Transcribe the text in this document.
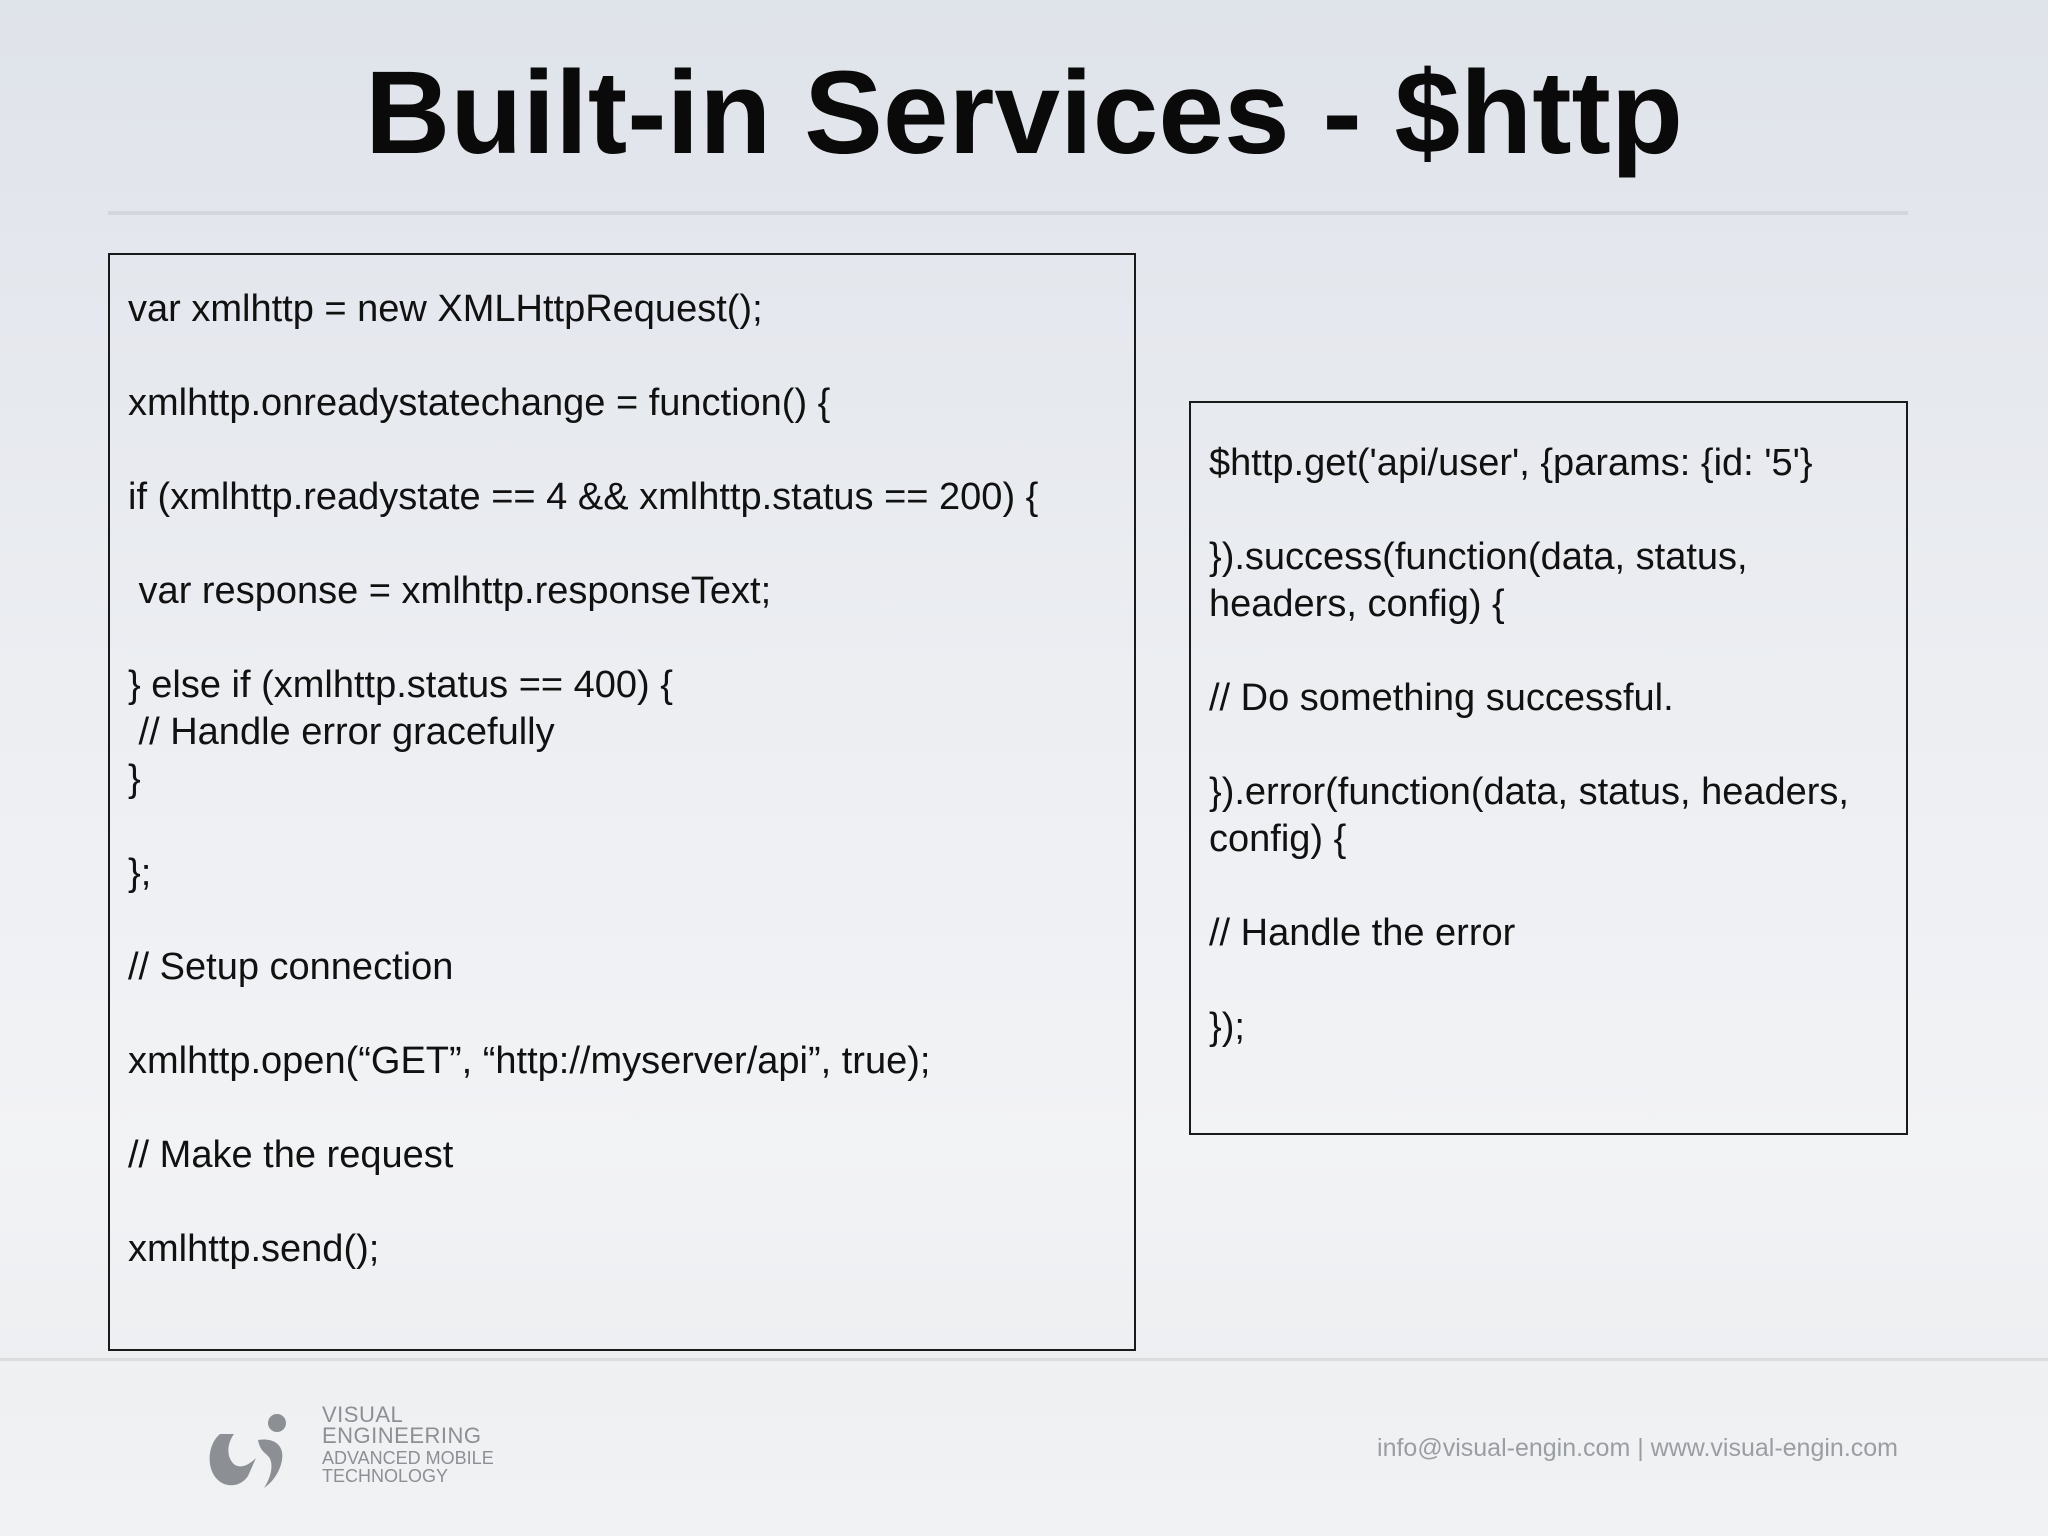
Built-in Services - $http

var xmlhttp = new XMLHttpRequest();

xmlhttp.onreadystatechange = function() {

if (xmlhttp.readystate == 4 && xmlhttp.status == 200) {

var response = xmlhttp.responseText;

} else if (xmlhttp.status == 400) {

// Handle error gracefully

}

};

// Setup connection

xmlhttp.open(“GET”, “http://myserver/api”, true);

// Make the request

xmlhttp.send();

$http.get('api/user', {params: {id: '5'}

}).success(function(data, status,

headers, config) {

// Do something successful.

}).error(function(data, status, headers,

config) {

// Handle the error

});

VISUAL

ENGINEERING

ADVANCED MOBILE

TECHNOLOGY

info@visual-engin.com | www.visual-engin.com
